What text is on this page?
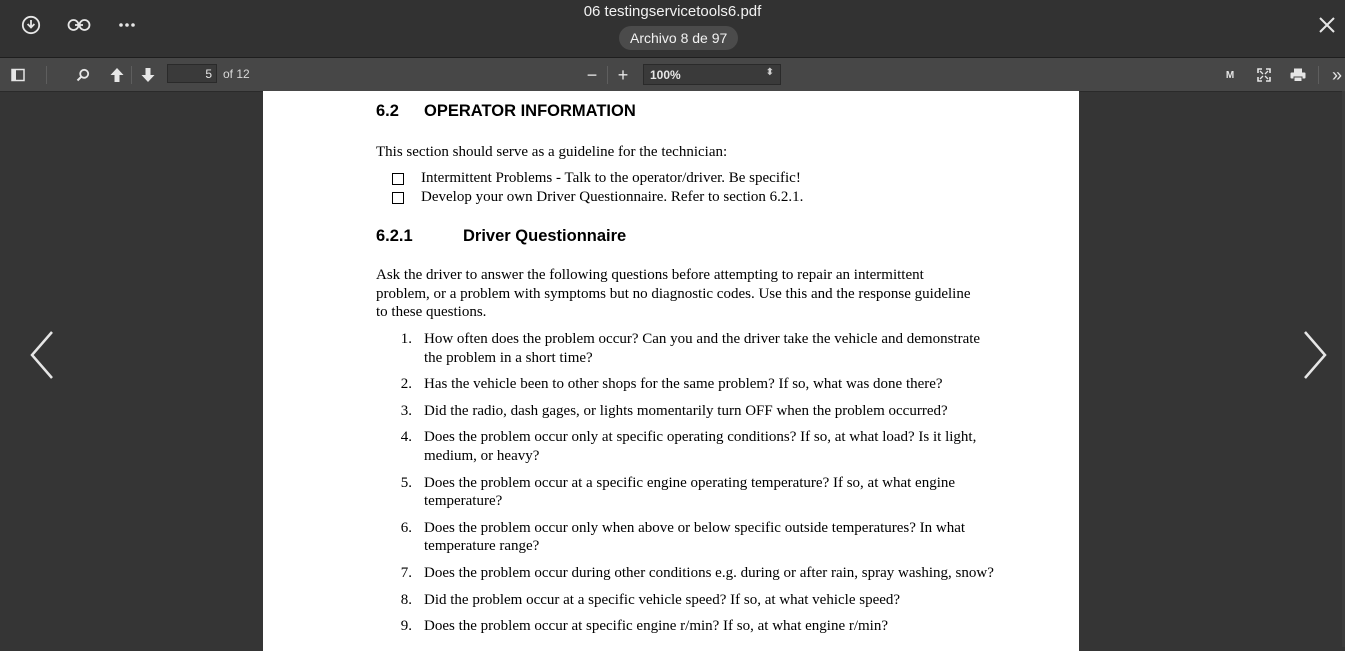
06 testingservicetools6.pdf
Archivo 8 de 97
5 of 12	−	+	100%	⬍	M	»
6.2 OPERATOR INFORMATION
This section should serve as a guideline for the technician:
Intermittent Problems - Talk to the operator/driver. Be specific!
Develop your own Driver Questionnaire. Refer to section 6.2.1.
6.2.1	Driver Questionnaire
Ask the driver to answer the following questions before attempting to repair an intermittent problem, or a problem with symptoms but no diagnostic codes. Use this and the response guideline to these questions.
1. How often does the problem occur? Can you and the driver take the vehicle and demonstrate the problem in a short time?
2. Has the vehicle been to other shops for the same problem? If so, what was done there?
3. Did the radio, dash gages, or lights momentarily turn OFF when the problem occurred?
4. Does the problem occur only at specific operating conditions? If so, at what load? Is it light, medium, or heavy?
5. Does the problem occur at a specific engine operating temperature? If so, at what engine temperature?
6. Does the problem occur only when above or below specific outside temperatures? In what temperature range?
7. Does the problem occur during other conditions e.g. during or after rain, spray washing, snow?
8. Did the problem occur at a specific vehicle speed? If so, at what vehicle speed?
9. Does the problem occur at specific engine r/min? If so, at what engine r/min?
